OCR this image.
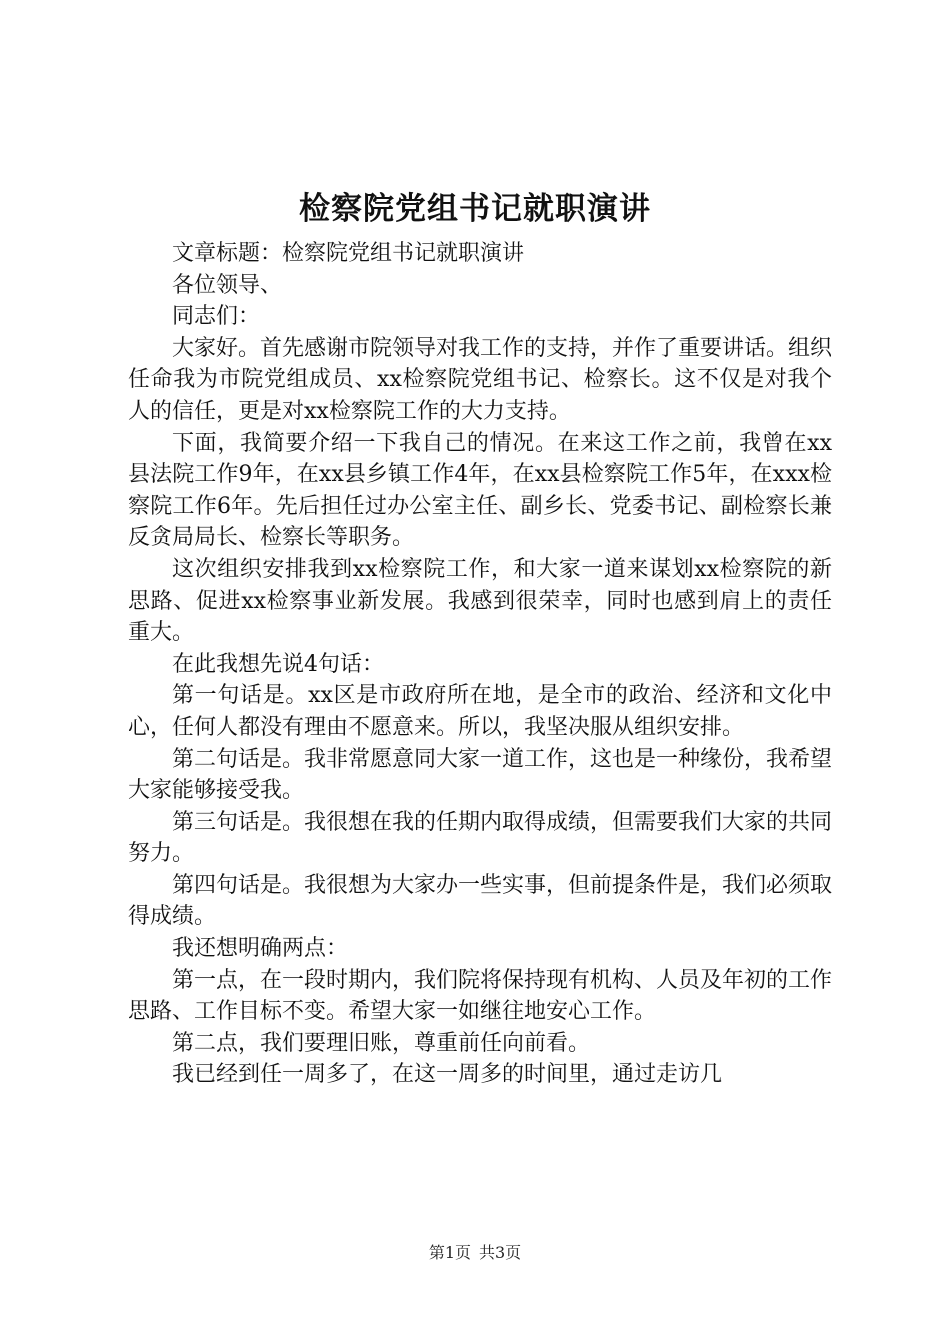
检察院党组书记就职演讲

文章标题：检察院党组书记就职演讲

各位领导、

同志们：

大家好。首先感谢市院领导对我工作的支持，并作了重要讲话。组织任命我为市院党组成员、xx检察院党组书记、检察长。这不仅是对我个人的信任，更是对xx检察院工作的大力支持。

下面，我简要介绍一下我自己的情况。在来这工作之前，我曾在xx县法院工作9年，在xx县乡镇工作4年，在xx县检察院工作5年，在xxx检察院工作6年。先后担任过办公室主任、副乡长、党委书记、副检察长兼反贪局局长、检察长等职务。

这次组织安排我到xx检察院工作，和大家一道来谋划xx检察院的新思路、促进xx检察事业新发展。我感到很荣幸，同时也感到肩上的责任重大。

在此我想先说4句话：

第一句话是。xx区是市政府所在地，是全市的政治、经济和文化中心，任何人都没有理由不愿意来。所以，我坚决服从组织安排。

第二句话是。我非常愿意同大家一道工作，这也是一种缘份，我希望大家能够接受我。

第三句话是。我很想在我的任期内取得成绩，但需要我们大家的共同努力。

第四句话是。我很想为大家办一些实事，但前提条件是，我们必须取得成绩。

我还想明确两点：

第一点，在一段时期内，我们院将保持现有机构、人员及年初的工作思路、工作目标不变。希望大家一如继往地安心工作。

第二点，我们要理旧账，尊重前任向前看。

我已经到任一周多了，在这一周多的时间里，通过走访几

第1页 共3页
